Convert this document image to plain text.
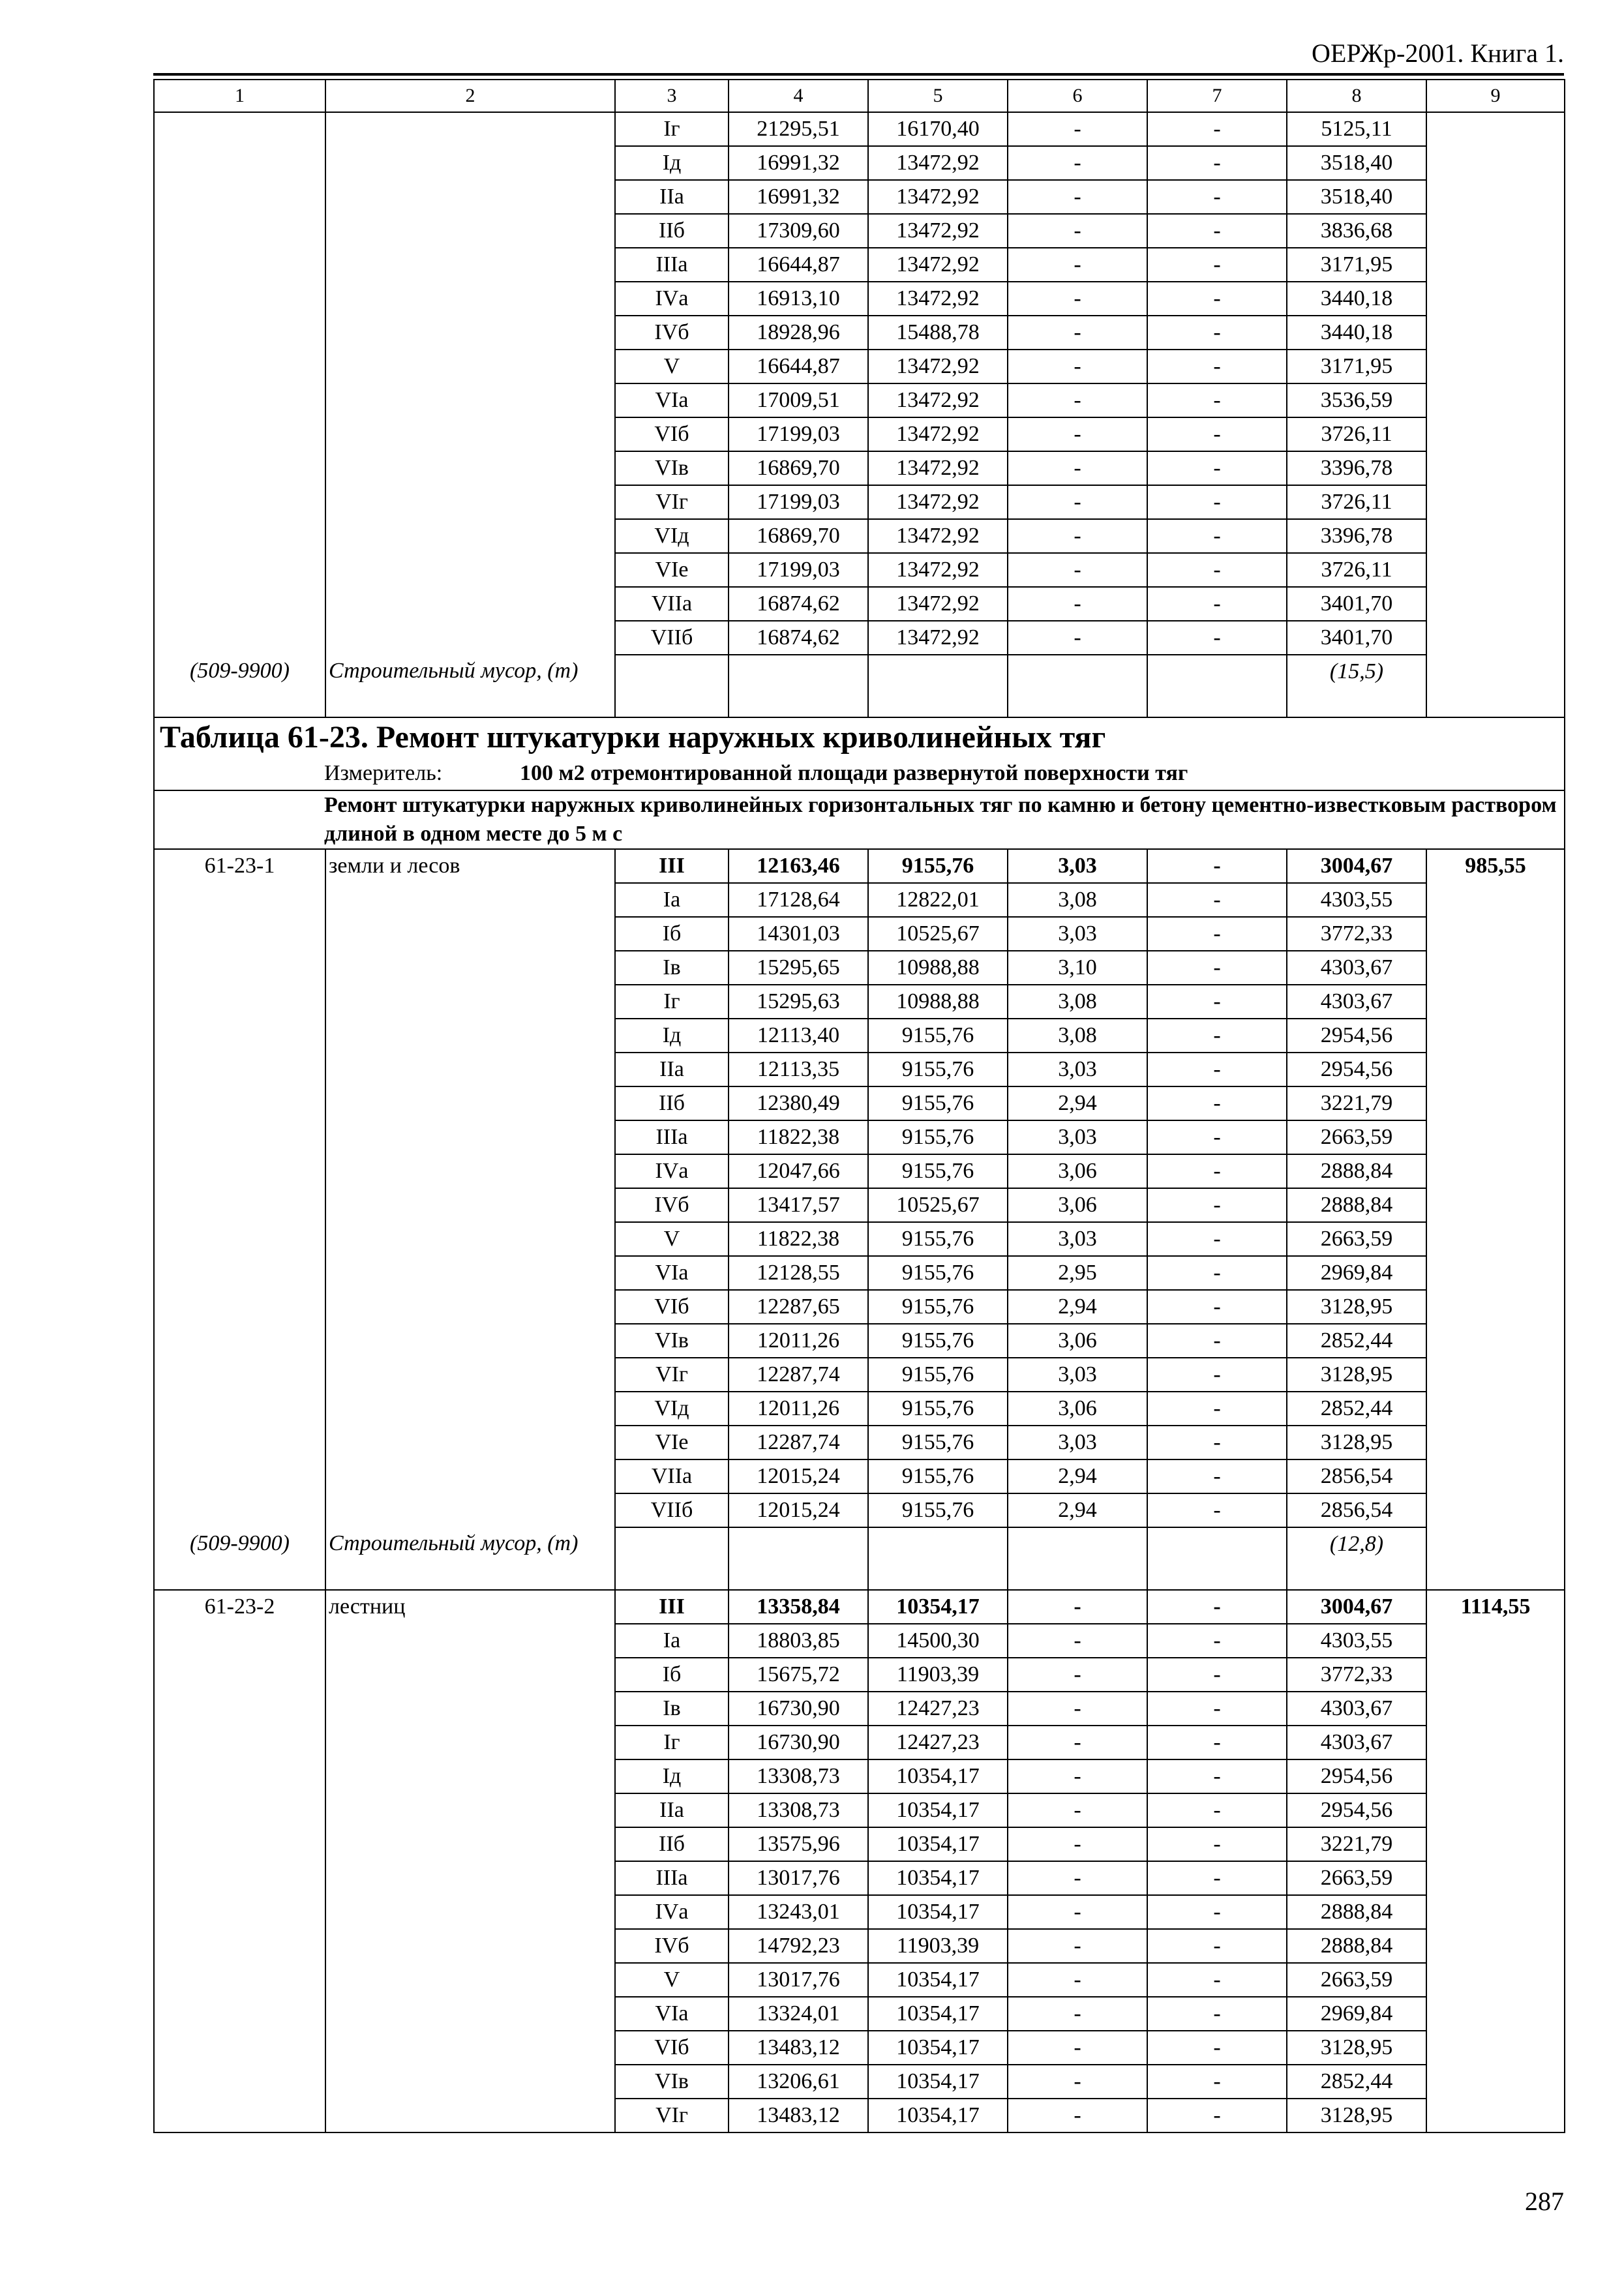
ОЕРЖр-2001. Книга 1.
1	2	3	4	5	6	7	8	9
		Iг	21295,51	16170,40	-	-	5125,11	
		Iд	16991,32	13472,92	-	-	3518,40	
		IIа	16991,32	13472,92	-	-	3518,40	
		IIб	17309,60	13472,92	-	-	3836,68	
		IIIа	16644,87	13472,92	-	-	3171,95	
		IVа	16913,10	13472,92	-	-	3440,18	
		IVб	18928,96	15488,78	-	-	3440,18	
		V	16644,87	13472,92	-	-	3171,95	
		VIа	17009,51	13472,92	-	-	3536,59	
		VIб	17199,03	13472,92	-	-	3726,11	
		VIв	16869,70	13472,92	-	-	3396,78	
		VIг	17199,03	13472,92	-	-	3726,11	
		VIд	16869,70	13472,92	-	-	3396,78	
		VIе	17199,03	13472,92	-	-	3726,11	
		VIIа	16874,62	13472,92	-	-	3401,70	
		VIIб	16874,62	13472,92	-	-	3401,70	
(509-9900)	Строительный мусор, (т)						(15,5)	
Таблица 61-23. Ремонт штукатурки наружных криволинейных тяг								
Измеритель: 100 м2 отремонтированной площади развернутой поверхности тяг								
Ремонт штукатурки наружных криволинейных горизонтальных тяг по камню и бетону цементно-известковым раствором длиной в одном месте до 5 м с								
61-23-1	земли и лесов	III	12163,46	9155,76	3,03	-	3004,67	985,55
		Iа	17128,64	12822,01	3,08	-	4303,55	
		Iб	14301,03	10525,67	3,03	-	3772,33	
		Iв	15295,65	10988,88	3,10	-	4303,67	
		Iг	15295,63	10988,88	3,08	-	4303,67	
		Iд	12113,40	9155,76	3,08	-	2954,56	
		IIа	12113,35	9155,76	3,03	-	2954,56	
		IIб	12380,49	9155,76	2,94	-	3221,79	
		IIIа	11822,38	9155,76	3,03	-	2663,59	
		IVа	12047,66	9155,76	3,06	-	2888,84	
		IVб	13417,57	10525,67	3,06	-	2888,84	
		V	11822,38	9155,76	3,03	-	2663,59	
		VIа	12128,55	9155,76	2,95	-	2969,84	
		VIб	12287,65	9155,76	2,94	-	3128,95	
		VIв	12011,26	9155,76	3,06	-	2852,44	
		VIг	12287,74	9155,76	3,03	-	3128,95	
		VIд	12011,26	9155,76	3,06	-	2852,44	
		VIе	12287,74	9155,76	3,03	-	3128,95	
		VIIа	12015,24	9155,76	2,94	-	2856,54	
		VIIб	12015,24	9155,76	2,94	-	2856,54	
(509-9900)	Строительный мусор, (т)						(12,8)	
61-23-2	лестниц	III	13358,84	10354,17	-	-	3004,67	1114,55
		Iа	18803,85	14500,30	-	-	4303,55	
		Iб	15675,72	11903,39	-	-	3772,33	
		Iв	16730,90	12427,23	-	-	4303,67	
		Iг	16730,90	12427,23	-	-	4303,67	
		Iд	13308,73	10354,17	-	-	2954,56	
		IIа	13308,73	10354,17	-	-	2954,56	
		IIб	13575,96	10354,17	-	-	3221,79	
		IIIа	13017,76	10354,17	-	-	2663,59	
		IVа	13243,01	10354,17	-	-	2888,84	
		IVб	14792,23	11903,39	-	-	2888,84	
		V	13017,76	10354,17	-	-	2663,59	
		VIа	13324,01	10354,17	-	-	2969,84	
		VIб	13483,12	10354,17	-	-	3128,95	
		VIв	13206,61	10354,17	-	-	2852,44	
		VIг	13483,12	10354,17	-	-	3128,95	
287
